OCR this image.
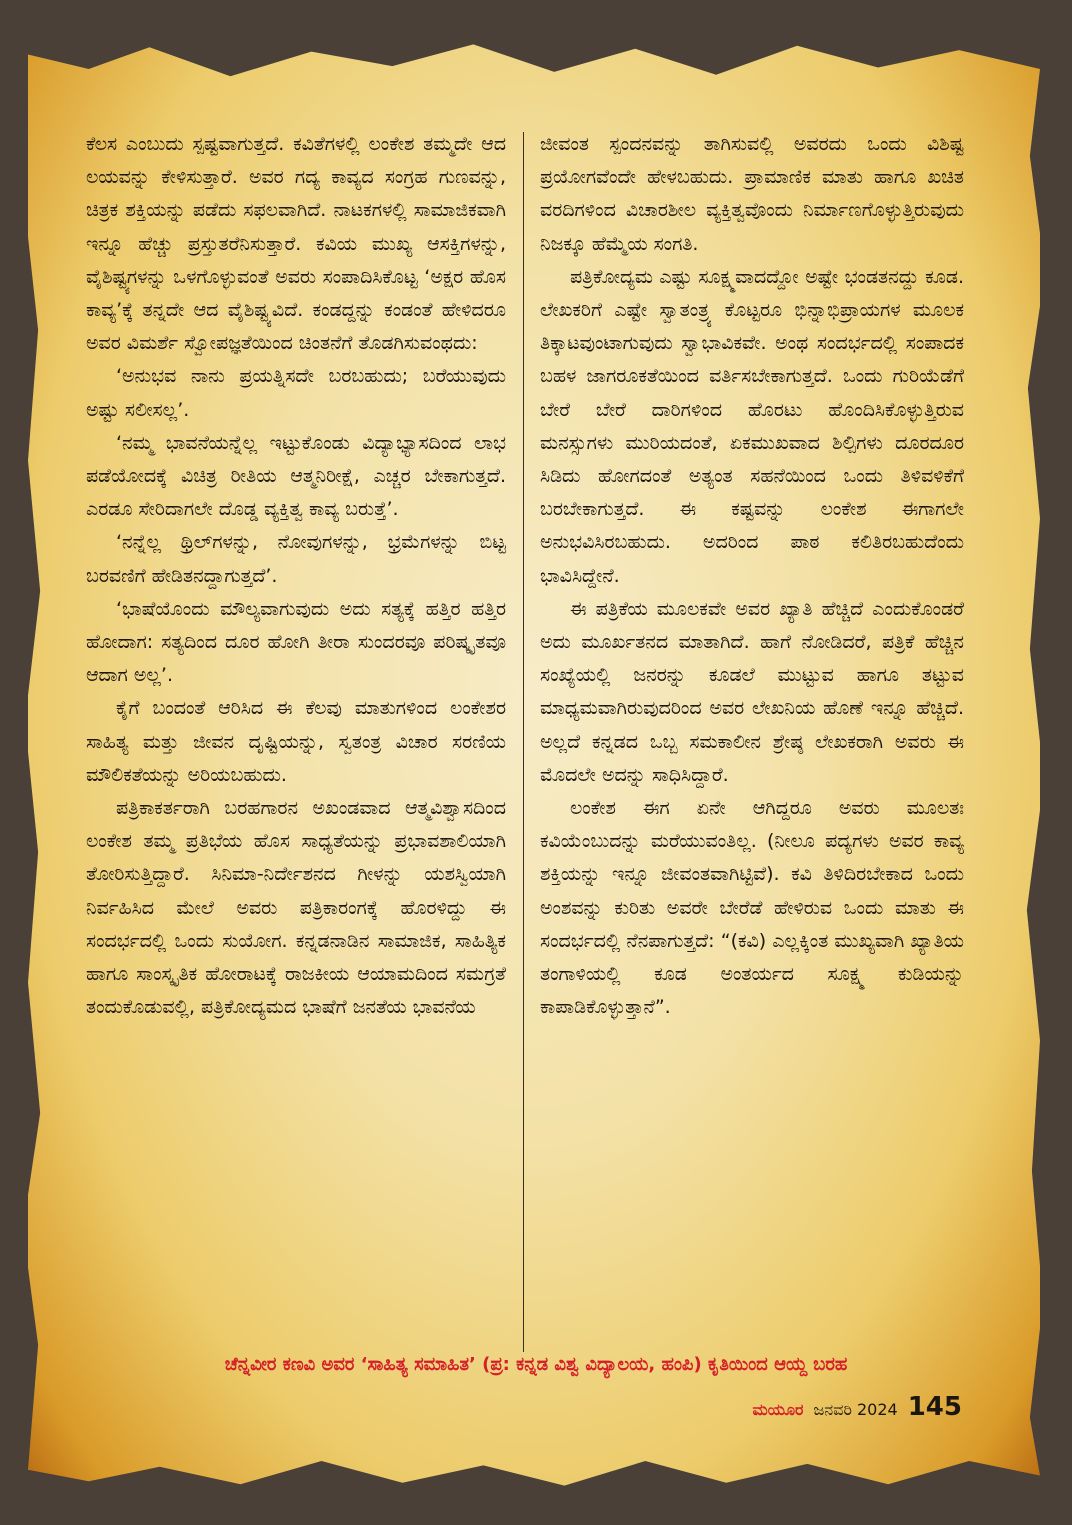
ಕೆಲಸ ಎಂಬುದು ಸ್ಪಷ್ಟವಾಗುತ್ತದೆ. ಕವಿತೆಗಳಲ್ಲಿ ಲಂಕೇಶ ತಮ್ಮದೇ ಆದ ಲಯವನ್ನು ಕೇಳಿಸುತ್ತಾರೆ. ಅವರ ಗದ್ಯ ಕಾವ್ಯದ ಸಂಗ್ರಹ ಗುಣವನ್ನು, ಚಿತ್ರಕ ಶಕ್ತಿಯನ್ನು ಪಡೆದು ಸಫಲವಾಗಿದೆ. ನಾಟಕಗಳಲ್ಲಿ ಸಾಮಾಜಿಕವಾಗಿ ಇನ್ನೂ ಹೆಚ್ಚು ಪ್ರಸ್ತುತರೆನಿಸುತ್ತಾರೆ. ಕವಿಯ ಮುಖ್ಯ ಆಸಕ್ತಿಗಳನ್ನು, ವೈಶಿಷ್ಟ್ಯಗಳನ್ನು ಒಳಗೊಳ್ಳುವಂತೆ ಅವರು ಸಂಪಾದಿಸಿಕೊಟ್ಟ ‘ಅಕ್ಷರ ಹೊಸ ಕಾವ್ಯ’ಕ್ಕೆ ತನ್ನದೇ ಆದ ವೈಶಿಷ್ಟ್ಯವಿದೆ. ಕಂಡದ್ದನ್ನು ಕಂಡಂತೆ ಹೇಳಿದರೂ ಅವರ ವಿಮರ್ಶೆ ಸ್ವೋಪಜ್ಞತೆಯಿಂದ ಚಿಂತನೆಗೆ ತೊಡಗಿಸುವಂಥದು:

‘ಅನುಭವ ನಾನು ಪ್ರಯತ್ನಿಸದೇ ಬರಬಹುದು; ಬರೆಯುವುದು ಅಷ್ಟು ಸಲೀಸಲ್ಲ’.

‘ನಮ್ಮ ಭಾವನೆಯನ್ನೆಲ್ಲ ಇಟ್ಟುಕೊಂಡು ವಿದ್ಯಾಭ್ಯಾಸದಿಂದ ಲಾಭ ಪಡೆಯೋದಕ್ಕೆ ವಿಚಿತ್ರ ರೀತಿಯ ಆತ್ಮನಿರೀಕ್ಷೆ, ಎಚ್ಚರ ಬೇಕಾಗುತ್ತದೆ. ಎರಡೂ ಸೇರಿದಾಗಲೇ ದೊಡ್ಡ ವ್ಯಕ್ತಿತ್ವ ಕಾವ್ಯ ಬರುತ್ತೆ’.

‘ನನ್ನೆಲ್ಲ ಥ್ರಿಲ್‌ಗಳನ್ನು, ನೋವುಗಳನ್ನು, ಭ್ರಮೆಗಳನ್ನು ಬಿಟ್ಟ ಬರವಣಿಗೆ ಹೇಡಿತನದ್ದಾಗುತ್ತದೆ’.

‘ಭಾಷೆಯೊಂದು ಮೌಲ್ಯವಾಗುವುದು ಅದು ಸತ್ಯಕ್ಕೆ ಹತ್ತಿರ ಹತ್ತಿರ ಹೋದಾಗ: ಸತ್ಯದಿಂದ ದೂರ ಹೋಗಿ ತೀರಾ ಸುಂದರವೂ ಪರಿಷ್ಕೃತವೂ ಆದಾಗ ಅಲ್ಲ’.

ಕೈಗೆ ಬಂದಂತೆ ಆರಿಸಿದ ಈ ಕೆಲವು ಮಾತುಗಳಿಂದ ಲಂಕೇಶರ ಸಾಹಿತ್ಯ ಮತ್ತು ಜೀವನ ದೃಷ್ಟಿಯನ್ನು, ಸ್ವತಂತ್ರ ವಿಚಾರ ಸರಣಿಯ ಮೌಲಿಕತೆಯನ್ನು ಅರಿಯಬಹುದು.

ಪತ್ರಿಕಾಕರ್ತರಾಗಿ ಬರಹಗಾರನ ಅಖಂಡವಾದ ಆತ್ಮವಿಶ್ವಾಸದಿಂದ ಲಂಕೇಶ ತಮ್ಮ ಪ್ರತಿಭೆಯ ಹೊಸ ಸಾಧ್ಯತೆಯನ್ನು ಪ್ರಭಾವಶಾಲಿಯಾಗಿ ತೋರಿಸುತ್ತಿದ್ದಾರೆ. ಸಿನಿಮಾ-ನಿರ್ದೇಶನದ ಗೀಳನ್ನು ಯಶಸ್ವಿಯಾಗಿ ನಿರ್ವಹಿಸಿದ ಮೇಲೆ ಅವರು ಪತ್ರಿಕಾರಂಗಕ್ಕೆ ಹೊರಳಿದ್ದು ಈ ಸಂದರ್ಭದಲ್ಲಿ ಒಂದು ಸುಯೋಗ. ಕನ್ನಡನಾಡಿನ ಸಾಮಾಜಿಕ, ಸಾಹಿತ್ಯಿಕ ಹಾಗೂ ಸಾಂಸ್ಕೃತಿಕ ಹೋರಾಟಕ್ಕೆ ರಾಜಕೀಯ ಆಯಾಮದಿಂದ ಸಮಗ್ರತೆ ತಂದುಕೊಡುವಲ್ಲಿ, ಪತ್ರಿಕೋದ್ಯಮದ ಭಾಷೆಗೆ ಜನತೆಯ ಭಾವನೆಯ

ಜೀವಂತ ಸ್ಪಂದನವನ್ನು ತಾಗಿಸುವಲ್ಲಿ ಅವರದು ಒಂದು ವಿಶಿಷ್ಟ ಪ್ರಯೋಗವೆಂದೇ ಹೇಳಬಹುದು. ಪ್ರಾಮಾಣಿಕ ಮಾತು ಹಾಗೂ ಖಚಿತ ವರದಿಗಳಿಂದ ವಿಚಾರಶೀಲ ವ್ಯಕ್ತಿತ್ವವೊಂದು ನಿರ್ಮಾಣಗೊಳ್ಳುತ್ತಿರುವುದು ನಿಜಕ್ಕೂ ಹೆಮ್ಮೆಯ ಸಂಗತಿ.

ಪತ್ರಿಕೋದ್ಯಮ ಎಷ್ಟು ಸೂಕ್ಷ್ಮವಾದದ್ದೋ ಅಷ್ಟೇ ಭಂಡತನದ್ದು ಕೂಡ. ಲೇಖಕರಿಗೆ ಎಷ್ಟೇ ಸ್ವಾತಂತ್ರ್ಯ ಕೊಟ್ಟರೂ ಭಿನ್ನಾಭಿಪ್ರಾಯಗಳ ಮೂಲಕ ತಿಕ್ಕಾಟವುಂಟಾಗುವುದು ಸ್ವಾಭಾವಿಕವೇ. ಅಂಥ ಸಂದರ್ಭದಲ್ಲಿ ಸಂಪಾದಕ ಬಹಳ ಜಾಗರೂಕತೆಯಿಂದ ವರ್ತಿಸಬೇಕಾಗುತ್ತದೆ. ಒಂದು ಗುರಿಯೆಡೆಗೆ ಬೇರೆ ಬೇರೆ ದಾರಿಗಳಿಂದ ಹೊರಟು ಹೊಂದಿಸಿಕೊಳ್ಳುತ್ತಿರುವ ಮನಸ್ಸುಗಳು ಮುರಿಯದಂತೆ, ಏಕಮುಖವಾದ ಶಿಲ್ಪಿಗಳು ದೂರದೂರ ಸಿಡಿದು ಹೋಗದಂತೆ ಅತ್ಯಂತ ಸಹನೆಯಿಂದ ಒಂದು ತಿಳಿವಳಿಕೆಗೆ ಬರಬೇಕಾಗುತ್ತದೆ. ಈ ಕಷ್ಟವನ್ನು ಲಂಕೇಶ ಈಗಾಗಲೇ ಅನುಭವಿಸಿರಬಹುದು. ಅದರಿಂದ ಪಾಠ ಕಲಿತಿರಬಹುದೆಂದು ಭಾವಿಸಿದ್ದೇನೆ.

ಈ ಪತ್ರಿಕೆಯ ಮೂಲಕವೇ ಅವರ ಖ್ಯಾತಿ ಹೆಚ್ಚಿದೆ ಎಂದುಕೊಂಡರೆ ಅದು ಮೂರ್ಖತನದ ಮಾತಾಗಿದೆ. ಹಾಗೆ ನೋಡಿದರೆ, ಪತ್ರಿಕೆ ಹೆಚ್ಚಿನ ಸಂಖ್ಯೆಯಲ್ಲಿ ಜನರನ್ನು ಕೂಡಲೆ ಮುಟ್ಟುವ ಹಾಗೂ ತಟ್ಟುವ ಮಾಧ್ಯಮವಾಗಿರುವುದರಿಂದ ಅವರ ಲೇಖನಿಯ ಹೊಣೆ ಇನ್ನೂ ಹೆಚ್ಚಿದೆ. ಅಲ್ಲದೆ ಕನ್ನಡದ ಒಬ್ಬ ಸಮಕಾಲೀನ ಶ್ರೇಷ್ಠ ಲೇಖಕರಾಗಿ ಅವರು ಈ ಮೊದಲೇ ಅದನ್ನು ಸಾಧಿಸಿದ್ದಾರೆ.

ಲಂಕೇಶ ಈಗ ಏನೇ ಆಗಿದ್ದರೂ ಅವರು ಮೂಲತಃ ಕವಿಯೆಂಬುದನ್ನು ಮರೆಯುವಂತಿಲ್ಲ. (ನೀಲೂ ಪದ್ಯಗಳು ಅವರ ಕಾವ್ಯ ಶಕ್ತಿಯನ್ನು ಇನ್ನೂ ಜೀವಂತವಾಗಿಟ್ಟಿವೆ). ಕವಿ ತಿಳಿದಿರಬೇಕಾದ ಒಂದು ಅಂಶವನ್ನು ಕುರಿತು ಅವರೇ ಬೇರೆಡೆ ಹೇಳಿರುವ ಒಂದು ಮಾತು ಈ ಸಂದರ್ಭದಲ್ಲಿ ನೆನಪಾಗುತ್ತದೆ: “(ಕವಿ) ಎಲ್ಲಕ್ಕಿಂತ ಮುಖ್ಯವಾಗಿ ಖ್ಯಾತಿಯ ತಂಗಾಳಿಯಲ್ಲಿ ಕೂಡ ಅಂತರ್ಯದ ಸೂಕ್ಷ್ಮ ಕುಡಿಯನ್ನು ಕಾಪಾಡಿಕೊಳ್ಳುತ್ತಾನೆ”.

ಚೆನ್ನವೀರ ಕಣವಿ ಅವರ ‘ಸಾಹಿತ್ಯ ಸಮಾಹಿತ’ (ಪ್ರ: ಕನ್ನಡ ವಿಶ್ವ ವಿದ್ಯಾಲಯ, ಹಂಪಿ) ಕೃತಿಯಿಂದ ಆಯ್ದ ಬರಹ
ಮಯೂರ ಜನವರಿ 2024 145
